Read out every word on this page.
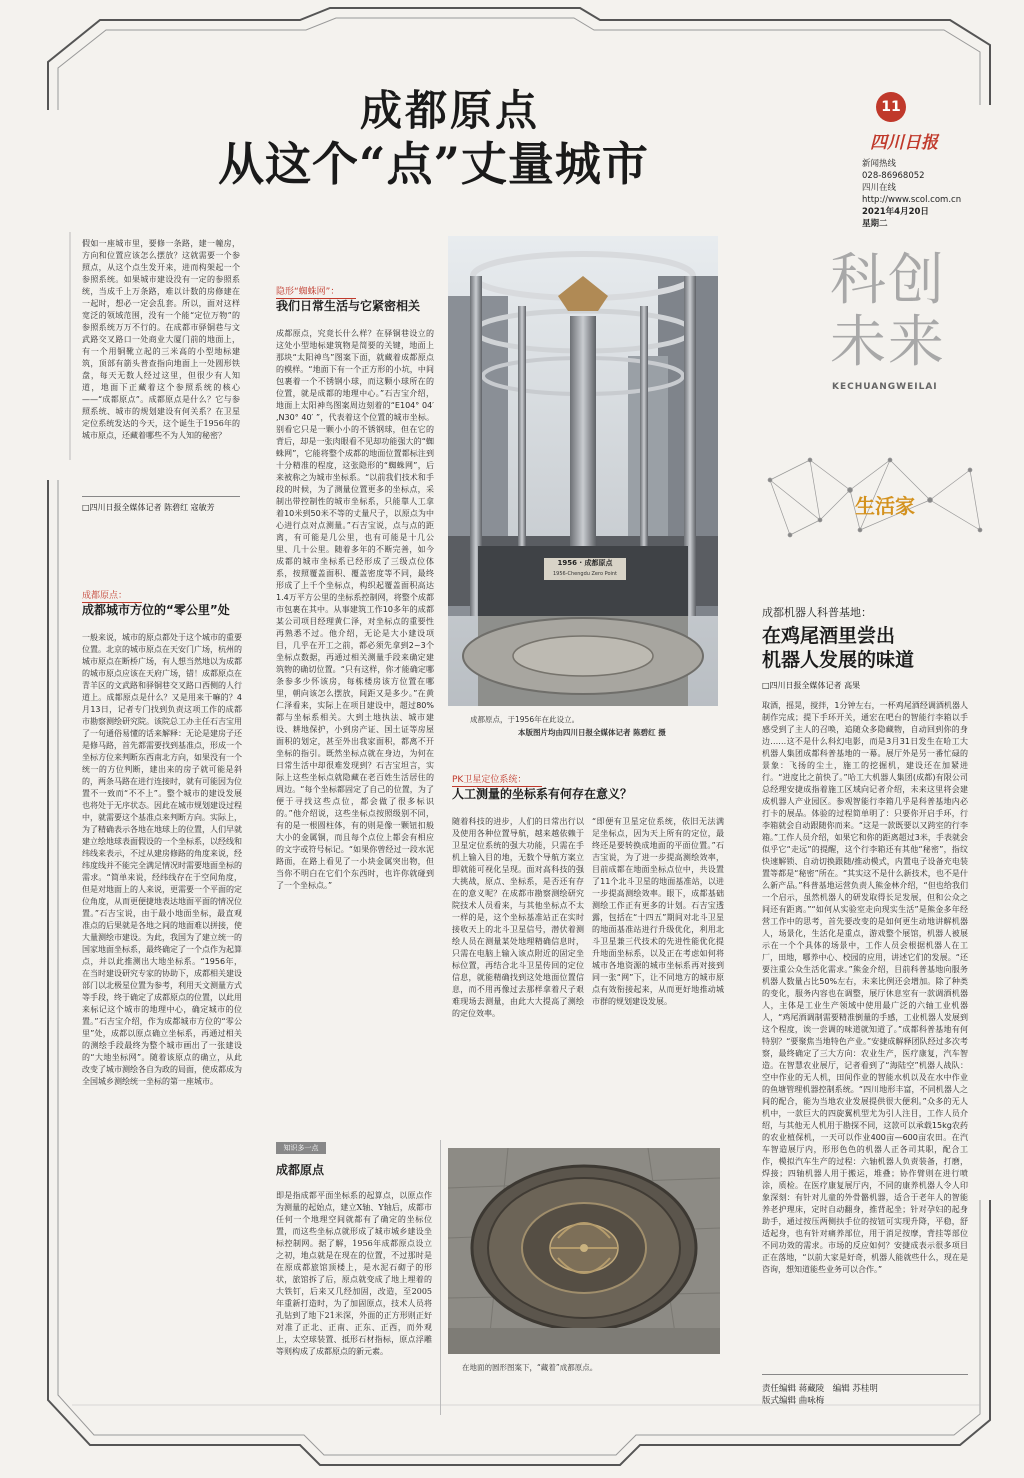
成都原点
从这个“点”丈量城市
11
四川日报
新闻热线
028-86968052
四川在线
http://www.scol.com.cn
2021年4月20日
星期二
科创未来
KECHUANGWEILAI
生活家
假如一座城市里，要修一条路，建一幢房，方向和位置应该怎么摆放？这就需要一个参照点，从这个点生发开来，进而构架起一个参照系统。如果城市建设没有一定的参照系统，当成千上万条路，难以计数的房修建在一起时，想必一定会乱套。所以，面对这样宽泛的领域范围，没有一个能“定位万物”的参照系统万万不行的。在成都市驿铜巷与文武路交叉路口一处商业大厦门前的地面上，有一个用铜靴立起的三米高的小型地标建筑，顶部有箭头普查指向地面上一处圆形铁盘，每天无数人经过这里，但很少有人知道，地面下正藏着这个参照系统的核心——“成都原点”。成都原点是什么？它与参照系统、城市的规划建设有何关系？在卫星定位系统发达的今天，这个诞生于1956年的城市原点，还藏着哪些不为人知的秘密？
□四川日报全媒体记者 陈碧红 寇敏芳
成都原点：
成都城市方位的“零公里”处
一般来说，城市的原点都处于这个城市的重要位置。北京的城市原点在天安门广场，杭州的城市原点在断桥广场，有人想当然地以为成都的城市原点应该在天府广场，错！成都原点在青羊区的文武路和驿铜巷交叉路口西侧的人行道上。成都原点是什么？又是用来干嘛的？4月13日，记者专门找到负责这项工作的成都市勘察测绘研究院。该院总工办主任石吉宝用了一句通俗易懂的话来解释：无论是建房子还是修马路，首先都需要找到基准点，形成一个坐标方位来判断东西南北方向，如果没有一个统一的方位判断，建出来的房子就可能是斜的，两条马路在进行连接时，就有可能因为位置不一致而“不不上”。整个城市的建设发展也将处于无序状态。因此在城市规划建设过程中，就需要这个基准点来判断方向。实际上，为了精确表示各地在地球上的位置，人们早就建立绘地球表面假设的一个坐标系，以经线和纬线来表示，不过从建房修路的角度来说，经纬度线并不能完全满足情况时需要地面坐标的需求。“简单来说，经纬线存在于空间角度，但是对地面上的人来说，更需要一个平面的定位角度，从而更便捷地表达地面平面的情况位置。”石吉宝说，由于最小地面坐标，最直观准点的后果就是各地之间的地面难以拼接，使大量测绘市建设。为此，我国为了建立统一的国家地面坐标系，最终确定了一个点作为起算点，并以此推测出大地坐标系。“1956年，在当时建设研究专家的协助下，成都相关建设部门以北极星位置为参考，利用天文测量方式等手段，终于确定了成都原点的位置，以此用来标记这个城市的地理中心，确定城市的位置。”石吉宝介绍，作为成都城市方位的“零公里”处，成都以原点确立坐标系，再通过相关的测绘手段最终为整个城市画出了一张建设的“大地坐标网”。随着该原点的确立，从此改变了城市测绘各自为政的局面，使成都成为全国城乡测绘统一坐标的第一座城市。
隐形“蜘蛛网”：
我们日常生活与它紧密相关
成都原点，究竟长什么样？在驿铜巷设立的这处小型地标建筑物是简要的关键，地面上那块“太阳神鸟”图案下面，就藏着成都原点的模样。“地面下有一个正方形的小坑，中间包裹着一个不锈钢小球，而这颗小球所在的位置，就是成都的地理中心。”石吉宝介绍，地面上太阳神鸟图案周边刻着的“E104° 04′ ,N30° 40′ ”，代表着这个位置的城市坐标。别看它只是一颗小小的不锈钢球，但在它的背后，却是一张肉眼看不见却功能强大的“蜘蛛网”，它能将整个成都的地面位置都标注到十分精准的程度，这张隐形的“蜘蛛网”，后来被称之为城市坐标系。“以前我们技术和手段的时候，为了测量位置更多的坐标点，采制出带控制性的城市坐标系，只能靠人工拿着10米到50米不等的丈量尺子，以原点为中心进行点对点测量。”石吉宝说，点与点的距离，有可能是几公里，也有可能是十几公里、几十公里。随着多年的不断完善，如今成都的城市坐标系已经形成了三级点位体系，按照覆盖面积、覆盖密度等不同，最终形成了上千个坐标点，构织起覆盖面积高达1.4万平方公里的坐标系控制网，将整个成都市包裹在其中。从事建筑工作10多年的成都某公司项目经理黄仁泽，对坐标点的重要性再熟悉不过。他介绍，无论是大小建设项目，几乎在开工之前，都必须先拿到2~3个坐标点数据，再通过相关测量手段来确定建筑物的确切位置。“只有这样，你才能确定哪条参多少怀该房，每栋楼房该方位置在哪里，朝向该怎么摆放，间距又是多少。”在黄仁泽看来，实际上在项目建设中，超过80%都与坐标系相关。大到土地执法、城市建设、耕地保护，小到房产证、国土证等房屋面积的划定，甚至外出我家面积，都离不开坐标的指引。既然坐标点就在身边，为何在日常生活中却很难发现到？石吉宝坦言，实际上这些坐标点就隐藏在老百姓生活居住的周边。“每个坐标都固定了自己的位置，为了便于寻找这些点位，都会做了很多标识的。”他介绍说，这些坐标点按照级别不同，有的是一根圆柱体，有的则是像一颗钮扣般大小的金属铜，而且每个点位上都会有相应的文字或符号标记。“如果你曾经过一段水泥路面，在路上看见了一小块金属突出物，但当你不明白在它们个东西时，也许你就碰到了一个坐标点。”
1956 · 成都原点
1956-Chengdu Zero Point
成都原点，于1956年在此设立。
本版图片均由四川日报全媒体记者 陈碧红 摄
PK卫星定位系统：
人工测量的坐标系有何存在意义？
随着科技的进步，人们的日常出行以及使用各种位置导航，越来越依赖于卫星定位系统的强大功能，只需在手机上输入目的地，无数个导航方案立即就能可视化呈现。面对高科技的强大挑战，原点、坐标系，是否还有存在的意义呢？在成都市勘察测绘研究院技术人员看来，与其他坐标点不太一样的是，这个坐标基准站正在实时接收天上的北斗卫星信号，潜伏着测绘人员在测量某处地理精确信息时，只需在电脑上输入该点附近的固定坐标位置，再结合北斗卫星传回的定位信息，就能精确找到这处地面位置信息，而不用再像过去那样拿着尺子艰难现场去测量，由此大大提高了测绘的定位效率。
“即便有卫星定位系统，依旧无法满足坐标点，因为天上所有的定位，最终还是要转换成地面的平面位置。”石吉宝说，为了进一步提高测绘效率，目前成都在地面坐标点位中，共设置了11个北斗卫星的地面基准站，以进一步提高测绘效率。眼下，成都基础测绘工作正有更多的计划。石吉宝透露，包括在“十四五”期间对北斗卫星的地面基准站进行升级优化，利用北斗卫星兼三代技术的先进性能优化提升地面坐标系，以及正在考虑如何将城市各地资源的城市坐标系再对接到同一张“网”下，让不同地方的城市原点有效衔接起来，从而更好地推动城市群的规划建设发展。
知识多一点
成都原点
即是指成都平面坐标系的起算点，以原点作为测量的起始点，建立X轴、Y轴后，成都市任何一个地理空间就都有了确定的坐标位置，而这些坐标点就形成了城市城乡建设坐标控制网。据了解，1956年成都原点设立之初，地点就是在现在的位置，不过那时是在原成都旅馆顶楼上，是水泥石砌子的形状，旅馆拆了后，原点就变成了地上埋着的大铁钉，后来又几经加固，改造，至2005年重新打造时，为了加固原点，技术人员将孔钻到了地下21米深，外面的正方形则正好对准了正北、正南、正东、正西，而外观上，太空球装置、抵形石材指标，原点浮雕等则构成了成都原点的新元素。
在地面的圆形图案下，“藏着”成都原点。
成都机器人科普基地：
在鸡尾酒里尝出
机器人发展的味道
□四川日报全媒体记者 高果
取酒，摇晃，搅拌，1分钟左右，一杯鸡尾酒经调酒机器人制作完成；提下手环开关，通宏在吧台的智能行李箱以手感受到了主人的召唤，追随众多隐藏物，自动回到你的身边……这不是什么科幻电影，而是3月31日发生在哈工大机器人集团成都科普基地的一幕。展厅外是另一番忙碌的景象：飞扬的尘土，施工的挖掘机，建设还在加紧进行。“进度比之前快了。”哈工大机器人集团(成都)有限公司总经理安捷成指着施工区域向记者介绍，未来这里将会建成机器人产业园区。参观智能行李箱几乎是科普基地内必打卡的展品。体验的过程简单明了：只要你开启手环，行李箱就会自动跟随你而来。“这是一款既要以又跨室的行李箱。”工作人员介绍，如果它和你的距离超过3米，手表就会似乎它“走远”的提醒，这个行李箱还有其他“秘密”，指纹快速解锁、自动切换跟随/推动模式，内置电子设备充电装置等都是“秘密”所在。“其实这不是什么新技术，也不是什么新产品。”科普基地运营负责人熊金林介绍，“但也给我们一个启示，虽然机器人的研发取得长足发展，但和公众之间还有距离。”“如何从实验室走向现实生活”是熊金多年经营工作中的思考，首先要改变的是如何更生动地讲解机器人，场景化，生活化是重点，游戏整个展馆，机器人被展示在一个个具体的场景中，工作人员会根据机器人在工厂，田地，哪养中心、校园的应用，讲述它们的发展。“还要注重公众生活化需求。”熊金介绍，目前科普基地向服务机器人数量占比50%左右，未来比例还会增加。除了种类的变化，服务内容也在调整，展厅休息室有一款调酒机器人，主体是工业生产领域中使用最广泛的六轴工业机器人，“鸡尾酒调制需要精准倒量的手感，工业机器人发展到这个程度，诶一尝调的味道就知道了。”成都科普基地有何特别？“要聚焦当地特色产业。”安捷成解释团队经过多次考察，最终确定了三大方向：农业生产，医疗康复，汽车智造。在智慧农业展厅，记者看到了“海陆空”机器人战队：空中作业的无人机，田间作业的智能水机以及在水中作业的鱼塘管理机器控制系统。“四川地形丰富，不同机器人之间的配合，能为当地农业发展提供很大便利。”众多的无人机中，一款巨大的四旋翼机型尤为引人注目，工作人员介绍，与其他无人机用于勘探不同，这款可以承载15kg农药的农业植保机，一天可以作业400亩—600亩农田。在汽车智造展厅内，形形色色的机器人正各司其职，配合工作，模拟汽车生产的过程：六轴机器人负责装备，打磨，焊接；四轴机器人用于搬运，堆叠；协作臂则在进行喷涂，质检。在医疗康复展厅内，不同的康养机器人令人印象深刻：有针对儿童的外骨骼机器，适合于老年人的智能养老护理床，定时自动翻身，推背起坐；针对孕妇的起身助手，通过按压两侧扶手位的按钮可实现升降，平稳，舒适起身，也有针对痛养部位，用于消足按摩，背挂等部位不同功效的需求。市场的反应如何？安捷成表示很多项目正在落地，“以前大家是好奇，机器人能就些什么，现在是咨询，想知道能些业务可以合作。”
责任编辑 蒋藏陵　编辑 苏桂明
版式编辑 曲咏梅
